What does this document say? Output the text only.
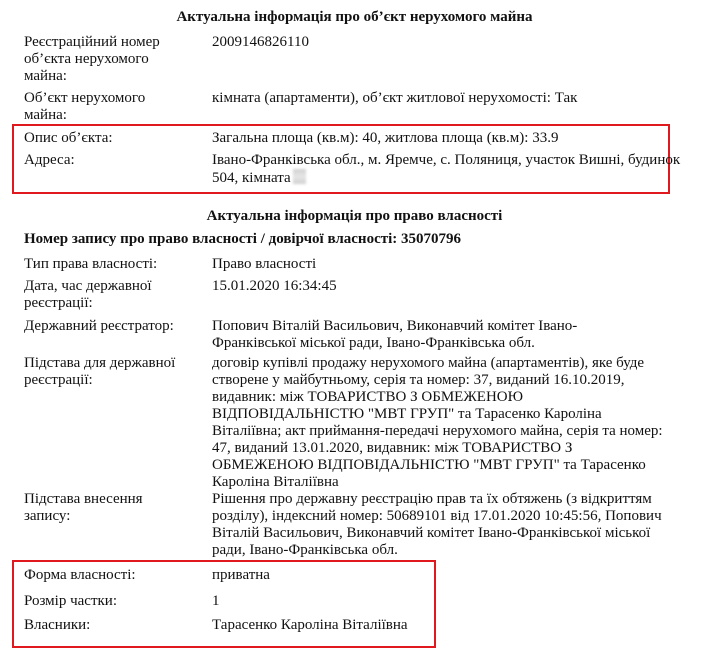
Актуальна інформація про об’єкт нерухомого майна
Реєстраційний номер об’єкта нерухомого майна:
2009146826110
Об’єкт нерухомого майна:
кімната (апартаменти), об’єкт житлової нерухомості: Так
Опис об’єкта:	Загальна площа (кв.м): 40, житлова площа (кв.м): 33.9
Адреса:	Івано-Франківська обл., м. Яремче, с. Поляниця, участок Вишні, будинок 504, кімната
Актуальна інформація про право власності
Номер запису про право власності / довірчої власності: 35070796
Тип права власності:	Право власності
Дата, час державної реєстрації:
15.01.2020 16:34:45
Державний реєстратор:	Попович Віталій Васильович, Виконавчий комітет Івано-Франківської міської ради, Івано-Франківська обл.
Підстава для державної реєстрації:
договір купівлі продажу нерухомого майна (апартаментів), яке буде створене у майбутньому, серія та номер: 37, виданий 16.10.2019, видавник: між ТОВАРИСТВО З ОБМЕЖЕНОЮ ВІДПОВІДАЛЬНІСТЮ "МВТ ГРУП" та Тарасенко Кароліна Віталіївна; акт приймання-передачі нерухомого майна, серія та номер: 47, виданий 13.01.2020, видавник: між ТОВАРИСТВО З ОБМЕЖЕНОЮ ВІДПОВІДАЛЬНІСТЮ "МВТ ГРУП" та Тарасенко Кароліна Віталіївна
Підстава внесення запису:
Рішення про державну реєстрацію прав та їх обтяжень (з відкриттям розділу), індексний номер: 50689101 від 17.01.2020 10:45:56, Попович Віталій Васильович, Виконавчий комітет Івано-Франківської міської ради, Івано-Франківська обл.
Форма власності:	приватна
Розмір частки:	1
Власники:	Тарасенко Кароліна Віталіївна
